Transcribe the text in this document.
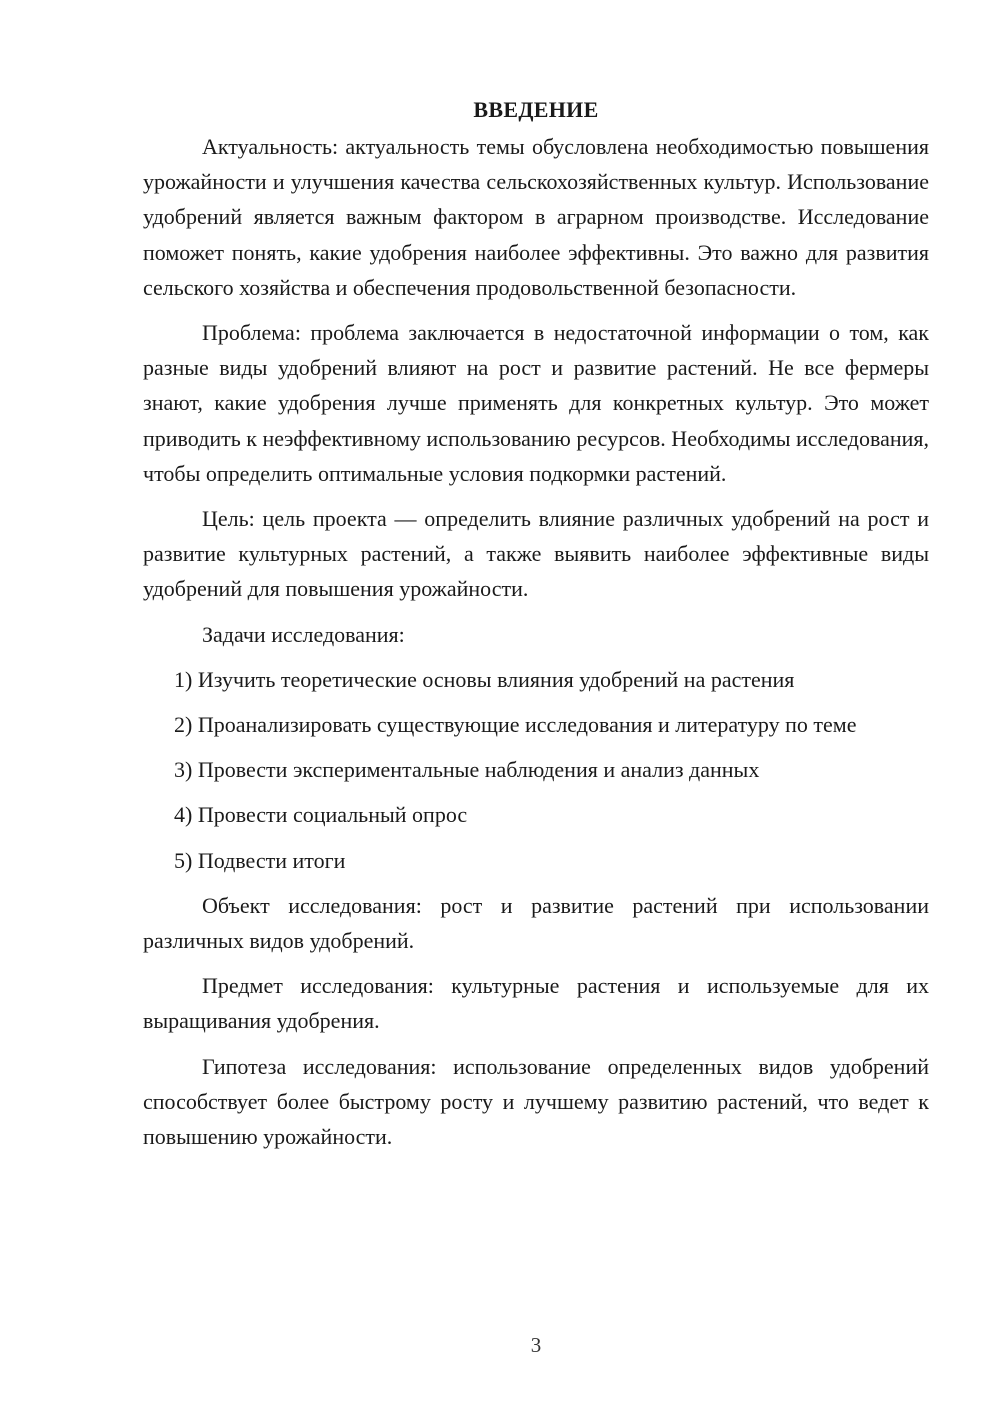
ВВЕДЕНИЕ

Актуальность: актуальность темы обусловлена необходимостью повышения урожайности и улучшения качества сельскохозяйственных культур. Использование удобрений является важным фактором в аграрном производстве. Исследование поможет понять, какие удобрения наиболее эффективны. Это важно для развития сельского хозяйства и обеспечения продовольственной безопасности.

Проблема: проблема заключается в недостаточной информации о том, как разные виды удобрений влияют на рост и развитие растений. Не все фермеры знают, какие удобрения лучше применять для конкретных культур. Это может приводить к неэффективному использованию ресурсов. Необходимы исследования, чтобы определить оптимальные условия подкормки растений.

Цель: цель проекта — определить влияние различных удобрений на рост и развитие культурных растений, а также выявить наиболее эффективные виды удобрений для повышения урожайности.

Задачи исследования:

1) Изучить теоретические основы влияния удобрений на растения

2) Проанализировать существующие исследования и литературу по теме

3) Провести экспериментальные наблюдения и анализ данных

4) Провести социальный опрос

5) Подвести итоги

Объект исследования: рост и развитие растений при использовании различных видов удобрений.

Предмет исследования: культурные растения и используемые для их выращивания удобрения.

Гипотеза исследования: использование определенных видов удобрений способствует более быстрому росту и лучшему развитию растений, что ведет к повышению урожайности.

3
